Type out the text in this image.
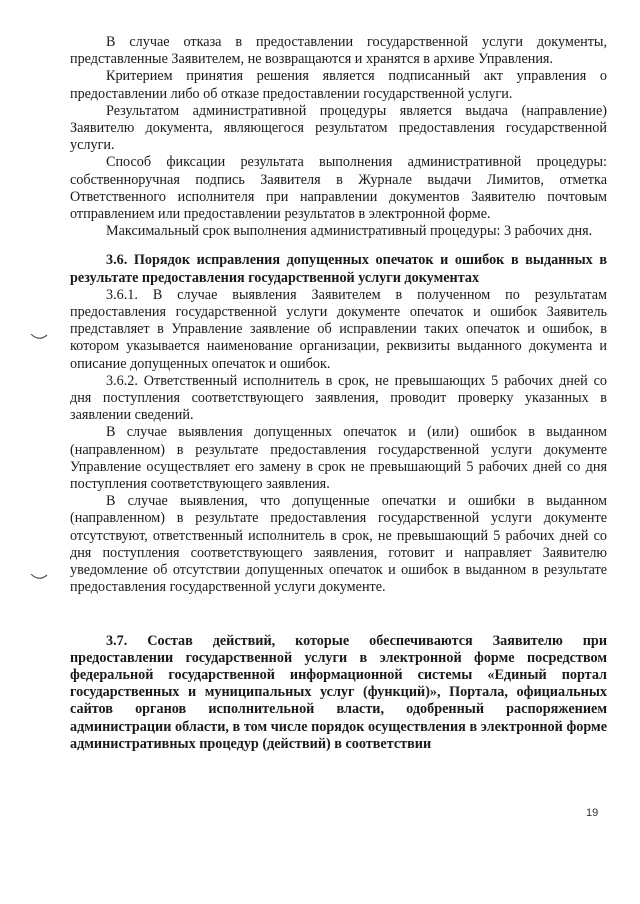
В случае отказа в предоставлении государственной услуги документы, представленные Заявителем, не возвращаются и хранятся в архиве Управления.

Критерием принятия решения является подписанный акт управления о предоставлении либо об отказе предоставлении государственной услуги.

Результатом административной процедуры является выдача (направление) Заявителю документа, являющегося результатом предоставления государственной услуги.

Способ фиксации результата выполнения административной процедуры: собственноручная подпись Заявителя в Журнале выдачи Лимитов, отметка Ответственного исполнителя при направлении документов Заявителю почтовым отправлением или предоставлении результатов в электронной форме.

Максимальный срок выполнения административный процедуры: 3 рабочих дня.

3.6. Порядок исправления допущенных опечаток и ошибок в выданных в результате предоставления государственной услуги документах

3.6.1. В случае выявления Заявителем в полученном по результатам предоставления государственной услуги документе опечаток и ошибок Заявитель представляет в Управление заявление об исправлении таких опечаток и ошибок, в котором указывается наименование организации, реквизиты выданного документа и описание допущенных опечаток и ошибок.

3.6.2. Ответственный исполнитель в срок, не превышающих 5 рабочих дней со дня поступления соответствующего заявления, проводит проверку указанных в заявлении сведений.

В случае выявления допущенных опечаток и (или) ошибок в выданном (направленном) в результате предоставления государственной услуги документе Управление осуществляет его замену в срок не превышающий 5 рабочих дней со дня поступления соответствующего заявления.

В случае выявления, что допущенные опечатки и ошибки в выданном (направленном) в результате предоставления государственной услуги документе отсутствуют, ответственный исполнитель в срок, не превышающий 5 рабочих дней со дня поступления соответствующего заявления, готовит и направляет Заявителю уведомление об отсутствии допущенных опечаток и ошибок в выданном в результате предоставления государственной услуги документе.

3.7. Состав действий, которые обеспечиваются Заявителю при предоставлении государственной услуги в электронной форме посредством федеральной государственной информационной системы «Единый портал государственных и муниципальных услуг (функций)», Портала, официальных сайтов органов исполнительной власти, одобренный распоряжением администрации области, в том числе порядок осуществления в электронной форме административных процедур (действий) в соответствии

19
